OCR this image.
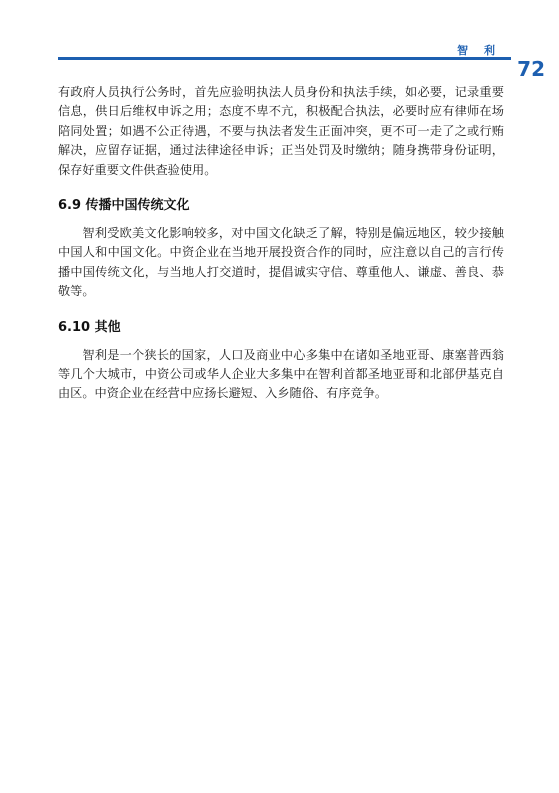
智 利
72

有政府人员执行公务时，首先应验明执法人员身份和执法手续，如必要，记录重要信息，供日后维权申诉之用；态度不卑不亢，积极配合执法，必要时应有律师在场陪同处置；如遇不公正待遇，不要与执法者发生正面冲突，更不可一走了之或行贿解决，应留存证据，通过法律途径申诉；正当处罚及时缴纳；随身携带身份证明，保存好重要文件供查验使用。

6.9 传播中国传统文化

智利受欧美文化影响较多，对中国文化缺乏了解，特别是偏远地区，较少接触中国人和中国文化。中资企业在当地开展投资合作的同时，应注意以自己的言行传播中国传统文化，与当地人打交道时，提倡诚实守信、尊重他人、谦虚、善良、恭敬等。

6.10 其他

智利是一个狭长的国家，人口及商业中心多集中在诸如圣地亚哥、康塞普西翁等几个大城市，中资公司或华人企业大多集中在智利首都圣地亚哥和北部伊基克自由区。中资企业在经营中应扬长避短、入乡随俗、有序竞争。
